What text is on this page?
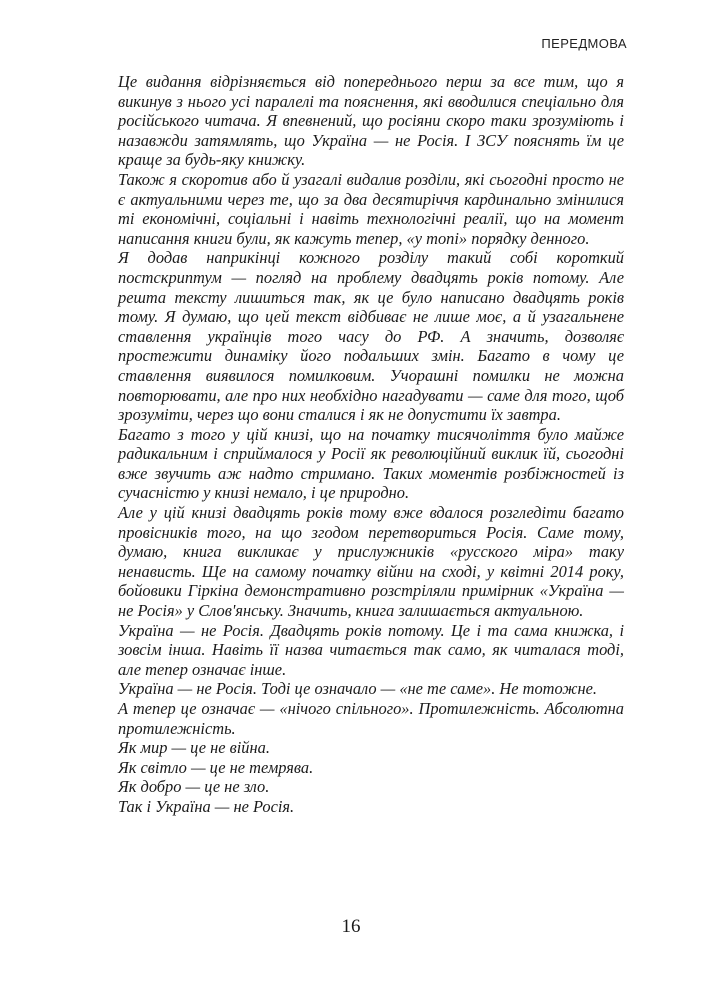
ПЕРЕДМОВА

Це видання відрізняється від попереднього перш за все тим, що я викинув з нього усі паралелі та пояснення, які вводилися спеціально для російського читача. Я впевнений, що росіяни скоро таки зрозуміють і назавжди затямлять, що Україна — не Росія. І ЗСУ пояснять їм це краще за будь-яку книжку.

Також я скоротив або й узагалі видалив розділи, які сьогодні просто не є актуальними через те, що за два десятиріччя кардинально змінилися ті економічні, соціальні і навіть технологічні реалії, що на момент написання книги були, як кажуть тепер, «у топі» порядку денного.

Я додав наприкінці кожного розділу такий собі короткий постскриптум — погляд на проблему двадцять років потому. Але решта тексту лишиться так, як це було написано двадцять років тому. Я думаю, що цей текст відбиває не лише моє, а й узагальнене ставлення українців того часу до РФ. А значить, дозволяє простежити динаміку його подальших змін. Багато в чому це ставлення виявилося помилковим. Учорашні помилки не можна повторювати, але про них необхідно нагадувати — саме для того, щоб зрозуміти, через що вони сталися і як не допустити їх завтра.

Багато з того у цій книзі, що на початку тисячоліття було майже радикальним і сприймалося у Росії як революційний виклик їй, сьогодні вже звучить аж надто стримано. Таких моментів розбіжностей із сучасністю у книзі немало, і це природно.

Але у цій книзі двадцять років тому вже вдалося розгледіти багато провісників того, на що згодом перетвориться Росія. Саме тому, думаю, книга викликає у прислужників «русского міра» таку ненависть. Ще на самому початку війни на сході, у квітні 2014 року, бойовики Гіркіна демонстративно розстріляли примірник «Україна — не Росія» у Слов'янську. Значить, книга залишається актуальною.

Україна — не Росія. Двадцять років потому. Це і та сама книжка, і зовсім інша. Навіть її назва читається так само, як читалася тоді, але тепер означає інше.

Україна — не Росія. Тоді це означало — «не те саме». Не тотожне.

А тепер це означає — «нічого спільного». Протилежність. Абсолютна протилежність.

Як мир — це не війна.

Як світло — це не темрява.

Як добро — це не зло.

Так і Україна — не Росія.

16
